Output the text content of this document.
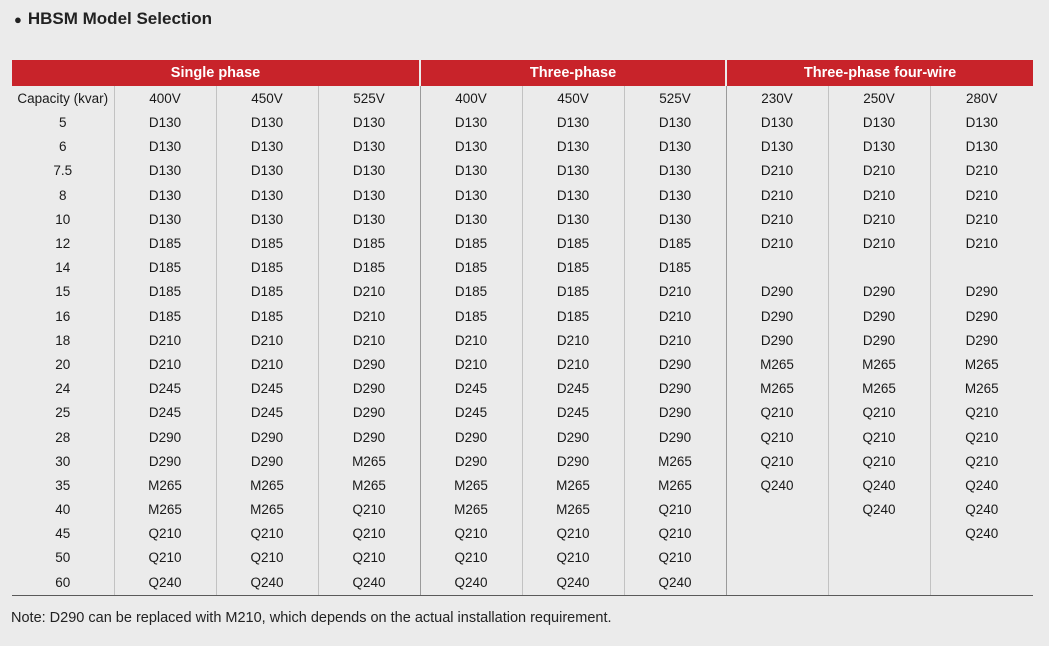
● HBSM Model Selection
Single phase				Three-phase			Three-phase four-wire		
Capacity (kvar)	400V	450V	525V	400V	450V	525V	230V	250V	280V
5	D130	D130	D130	D130	D130	D130	D130	D130	D130
6	D130	D130	D130	D130	D130	D130	D130	D130	D130
7.5	D130	D130	D130	D130	D130	D130	D210	D210	D210
8	D130	D130	D130	D130	D130	D130	D210	D210	D210
10	D130	D130	D130	D130	D130	D130	D210	D210	D210
12	D185	D185	D185	D185	D185	D185	D210	D210	D210
14	D185	D185	D185	D185	D185	D185			
15	D185	D185	D210	D185	D185	D210	D290	D290	D290
16	D185	D185	D210	D185	D185	D210	D290	D290	D290
18	D210	D210	D210	D210	D210	D210	D290	D290	D290
20	D210	D210	D290	D210	D210	D290	M265	M265	M265
24	D245	D245	D290	D245	D245	D290	M265	M265	M265
25	D245	D245	D290	D245	D245	D290	Q210	Q210	Q210
28	D290	D290	D290	D290	D290	D290	Q210	Q210	Q210
30	D290	D290	M265	D290	D290	M265	Q210	Q210	Q210
35	M265	M265	M265	M265	M265	M265	Q240	Q240	Q240
40	M265	M265	Q210	M265	M265	Q210		Q240	Q240
45	Q210	Q210	Q210	Q210	Q210	Q210			Q240
50	Q210	Q210	Q210	Q210	Q210	Q210			
60	Q240	Q240	Q240	Q240	Q240	Q240			
Note: D290 can be replaced with M210, which depends on the actual installation requirement.
